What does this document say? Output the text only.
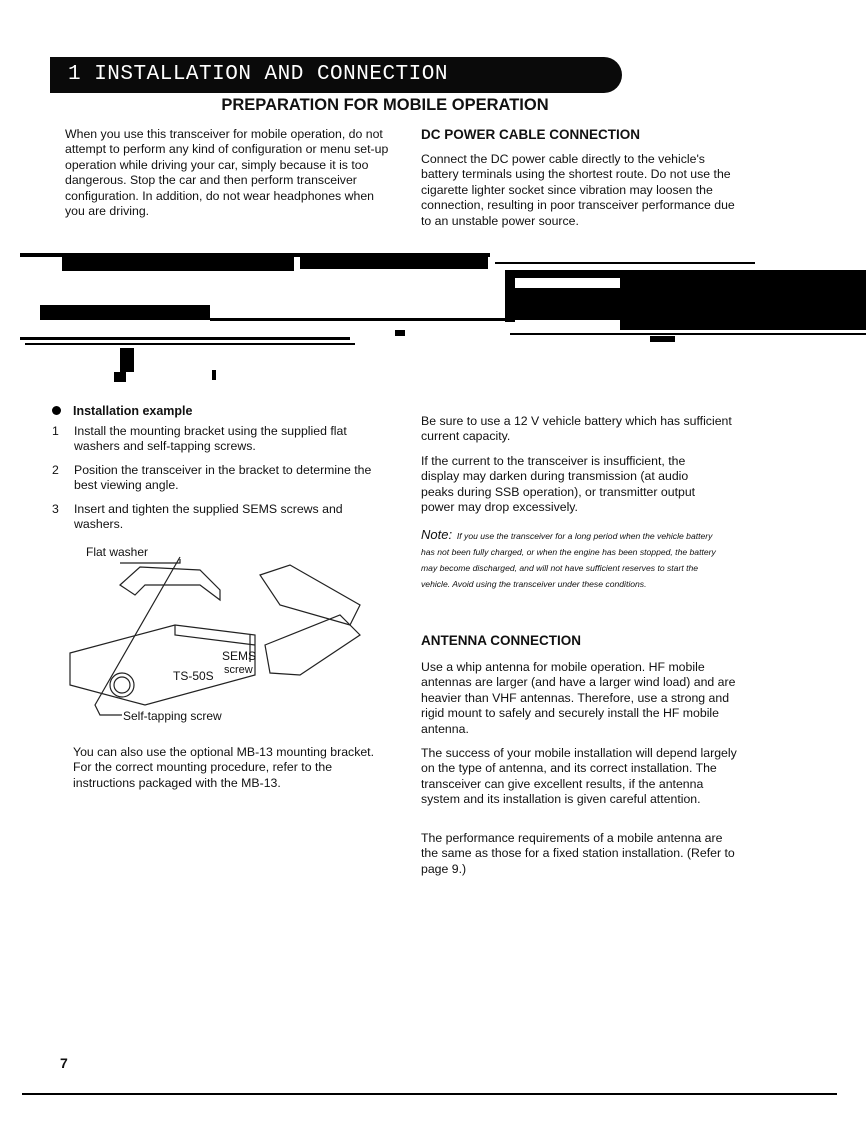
1 INSTALLATION AND CONNECTION
PREPARATION FOR MOBILE OPERATION
When you use this transceiver for mobile operation, do not attempt to perform any kind of configuration or menu set-up operation while driving your car, simply because it is too dangerous. Stop the car and then perform transceiver configuration. In addition, do not wear headphones when you are driving.
DC POWER CABLE CONNECTION
Connect the DC power cable directly to the vehicle's battery terminals using the shortest route. Do not use the cigarette lighter socket since vibration may loosen the connection, resulting in poor transceiver performance due to an unstable power source.
Installation example
1 Install the mounting bracket using the supplied flat washers and self-tapping screws.
2 Position the transceiver in the bracket to determine the best viewing angle.
3 Insert and tighten the supplied SEMS screws and washers.
Flat washer
SEMS
screw
TS-50S
Self-tapping screw
You can also use the optional MB-13 mounting bracket. For the correct mounting procedure, refer to the instructions packaged with the MB-13.
Be sure to use a 12 V vehicle battery which has sufficient current capacity.
If the current to the transceiver is insufficient, the display may darken during transmission (at audio peaks during SSB operation), or transmitter output power may drop excessively.
Note: If you use the transceiver for a long period when the vehicle battery has not been fully charged, or when the engine has been stopped, the battery may become discharged, and will not have sufficient reserves to start the vehicle. Avoid using the transceiver under these conditions.
ANTENNA CONNECTION
Use a whip antenna for mobile operation. HF mobile antennas are larger (and have a larger wind load) and are heavier than VHF antennas. Therefore, use a strong and rigid mount to safely and securely install the HF mobile antenna.
The success of your mobile installation will depend largely on the type of antenna, and its correct installation. The transceiver can give excellent results, if the antenna system and its installation is given careful attention.
The performance requirements of a mobile antenna are the same as those for a fixed station installation. (Refer to page 9.)
7
